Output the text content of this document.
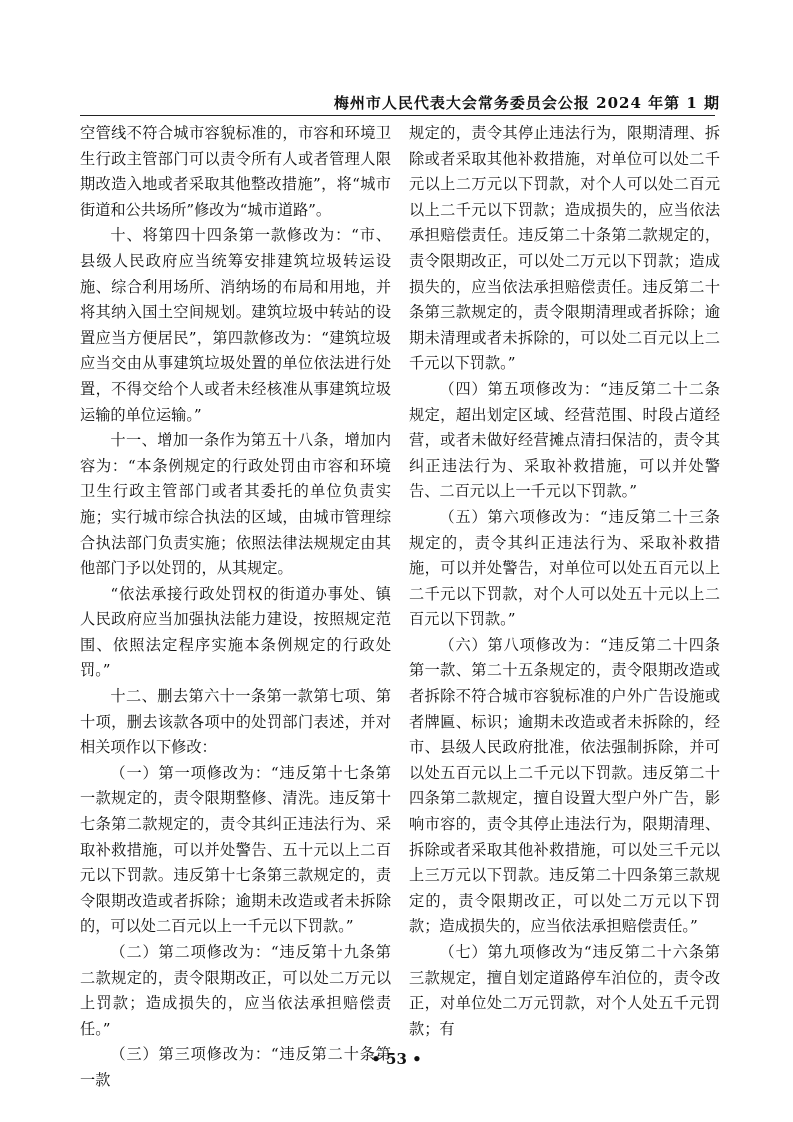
梅州市人民代表大会常务委员会公报 2024 年第 1 期

空管线不符合城市容貌标准的，市容和环境卫生行政主管部门可以责令所有人或者管理人限期改造入地或者采取其他整改措施”，将“城市街道和公共场所”修改为“城市道路”。

十、将第四十四条第一款修改为：“市、县级人民政府应当统筹安排建筑垃圾转运设施、综合利用场所、消纳场的布局和用地，并将其纳入国土空间规划。建筑垃圾中转站的设置应当方便居民”，第四款修改为：“建筑垃圾应当交由从事建筑垃圾处置的单位依法进行处置，不得交给个人或者未经核准从事建筑垃圾运输的单位运输。”

十一、增加一条作为第五十八条，增加内容为：“本条例规定的行政处罚由市容和环境卫生行政主管部门或者其委托的单位负责实施；实行城市综合执法的区域，由城市管理综合执法部门负责实施；依照法律法规规定由其他部门予以处罚的，从其规定。

“依法承接行政处罚权的街道办事处、镇人民政府应当加强执法能力建设，按照规定范围、依照法定程序实施本条例规定的行政处罚。”

十二、删去第六十一条第一款第七项、第十项，删去该款各项中的处罚部门表述，并对相关项作以下修改：

（一）第一项修改为：“违反第十七条第一款规定的，责令限期整修、清洗。违反第十七条第二款规定的，责令其纠正违法行为、采取补救措施，可以并处警告、五十元以上二百元以下罚款。违反第十七条第三款规定的，责令限期改造或者拆除；逾期未改造或者未拆除的，可以处二百元以上一千元以下罚款。”

（二）第二项修改为：“违反第十九条第二款规定的，责令限期改正，可以处二万元以上罚款；造成损失的，应当依法承担赔偿责任。”

（三）第三项修改为：“违反第二十条第一款

规定的，责令其停止违法行为，限期清理、拆除或者采取其他补救措施，对单位可以处二千元以上二万元以下罚款，对个人可以处二百元以上二千元以下罚款；造成损失的，应当依法承担赔偿责任。违反第二十条第二款规定的，责令限期改正，可以处二万元以下罚款；造成损失的，应当依法承担赔偿责任。违反第二十条第三款规定的，责令限期清理或者拆除；逾期未清理或者未拆除的，可以处二百元以上二千元以下罚款。”

（四）第五项修改为：“违反第二十二条规定，超出划定区域、经营范围、时段占道经营，或者未做好经营摊点清扫保洁的，责令其纠正违法行为、采取补救措施，可以并处警告、二百元以上一千元以下罚款。”

（五）第六项修改为：“违反第二十三条规定的，责令其纠正违法行为、采取补救措施，可以并处警告，对单位可以处五百元以上二千元以下罚款，对个人可以处五十元以上二百元以下罚款。”

（六）第八项修改为：“违反第二十四条第一款、第二十五条规定的，责令限期改造或者拆除不符合城市容貌标准的户外广告设施或者牌匾、标识；逾期未改造或者未拆除的，经市、县级人民政府批准，依法强制拆除，并可以处五百元以上二千元以下罚款。违反第二十四条第二款规定，擅自设置大型户外广告，影响市容的，责令其停止违法行为，限期清理、拆除或者采取其他补救措施，可以处三千元以上三万元以下罚款。违反第二十四条第三款规定的，责令限期改正，可以处二万元以下罚款；造成损失的，应当依法承担赔偿责任。”

（七）第九项修改为“违反第二十六条第三款规定，擅自划定道路停车泊位的，责令改正，对单位处二万元罚款，对个人处五千元罚款；有

• 53 •
